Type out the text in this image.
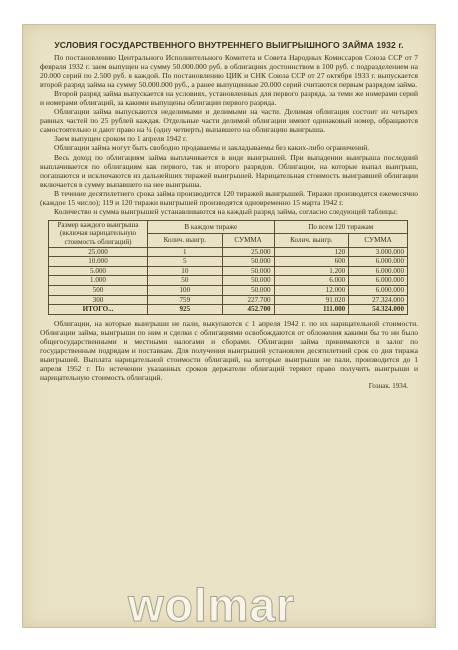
УСЛОВИЯ ГОСУДАРСТВЕННОГО ВНУТРЕННЕГО ВЫИГРЫШНОГО ЗАЙМА 1932 г.

По постановлению Центрального Исполнительного Комитета и Совета Народных Комиссаров Союза ССР от 7 февраля 1932 г. заем выпущен на сумму 50.000.000 руб. в облигациях достоинством в 100 руб. с подразделением на 20.000 серий по 2.500 руб. в каждой. По постановлению ЦИК и СНК Союза ССР от 27 октября 1933 г. выпускается второй разряд займа на сумму 50.000.000 руб., а ранее выпущенные 20.000 серий считаются первым разрядом займа.

Второй разряд займа выпускается на условиях, установленных для первого разряда, за теми же номерами серий и номерами облигаций, за какими выпущены облигации первого разряда.

Облигации займа выпускаются неделимыми и делимыми на части. Делимая облигация состоит из четырех равных частей по 25 рублей каждая. Отдельные части делимой облигации имеют одинаковый номер, обращаются самостоятельно и дают право на ¼ (одну четверть) выпавшего на облигацию выигрыша.

Заем выпущен сроком по 1 апреля 1942 г.

Облигации займа могут быть свободно продаваемы и закладываемы без каких-либо ограничений.

Весь доход по облигациям займа выплачивается в виде выигрышей. При выпадении выигрыша последний выплачивается по облигациям как первого, так и второго разрядов. Облигации, на которые выпал выигрыш, погашаются и исключаются из дальнейших тиражей выигрышей. Нарицательная стоимость выигравшей облигации включается в сумму выпавшего на нее выигрыша.

В течение десятилетнего срока займа производится 120 тиражей выигрышей. Тиражи производятся ежемесячно (каждое 15 число); 119 и 120 тиражи выигрышей производятся одновременно 15 марта 1942 г.

Количество и сумма выигрышей устанавливаются на каждый разряд займа, согласно следующей таблицы:

Размер каждого выигрыша (включая нарицательную стоимость облигаций)	В каждом тираже		По всем 120 тиражам	
	Колич. выигр.	СУММА	Колич. выигр.	СУММА
25.000	1	25.000	120	3.000.000
10.000	5	50.000	600	6.000.000
5.000	10	50.000	1.200	6.000.000
1.000	50	50.000	6.000	6.000.000
500	100	50.000	12.000	6.000.000
300	759	227.700	91.020	27.324.000
ИТОГО...	925	452.700	111.000	54.324.000

Облигации, на которые выигрыши не пали, выкупаются с 1 апреля 1942 г. по их нарицательной стоимости. Облигации займа, выигрыши по ним и сделки с облигациями освобождаются от обложения какими бы то ни было общегосударственными и местными налогами и сборами. Облигации займа принимаются в залог по государственным подрядам и поставкам. Для получения выигрышей установлен десятилетний срок со дня тиража выигрышей. Выплата нарицательной стоимости облигаций, на которые выигрыши не пали, производится до 1 апреля 1952 г. По истечении указанных сроков держатели облигаций теряют право получить выигрыши и нарицательную стоимость облигаций.

Гознак. 1934.
wolmar
